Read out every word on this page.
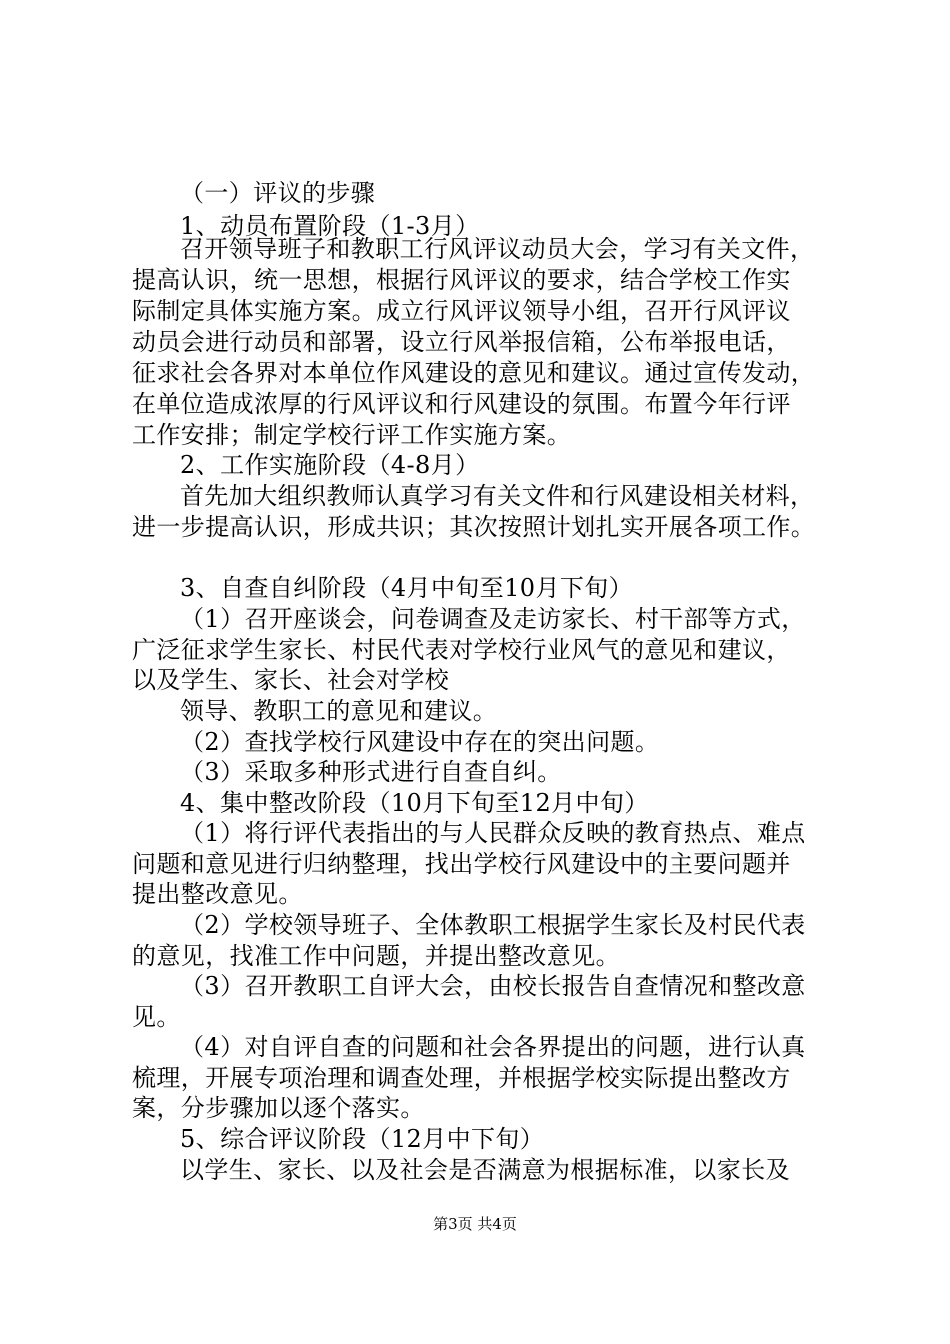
（一）评议的步骤
1、动员布置阶段（1-3月）
召开领导班子和教职工行风评议动员大会，学习有关文件，
提高认识，统一思想，根据行风评议的要求，结合学校工作实
际制定具体实施方案。成立行风评议领导小组，召开行风评议
动员会进行动员和部署，设立行风举报信箱，公布举报电话，
征求社会各界对本单位作风建设的意见和建议。通过宣传发动，
在单位造成浓厚的行风评议和行风建设的氛围。布置今年行评
工作安排；制定学校行评工作实施方案。
2、工作实施阶段（4-8月）
首先加大组织教师认真学习有关文件和行风建设相关材料，
进一步提高认识，形成共识；其次按照计划扎实开展各项工作。
3、自查自纠阶段（4月中旬至10月下旬）
（1）召开座谈会，问卷调查及走访家长、村干部等方式，
广泛征求学生家长、村民代表对学校行业风气的意见和建议，
以及学生、家长、社会对学校
领导、教职工的意见和建议。
（2）查找学校行风建设中存在的突出问题。
（3）采取多种形式进行自查自纠。
4、集中整改阶段（10月下旬至12月中旬）
（1）将行评代表指出的与人民群众反映的教育热点、难点
问题和意见进行归纳整理，找出学校行风建设中的主要问题并
提出整改意见。
（2）学校领导班子、全体教职工根据学生家长及村民代表
的意见，找准工作中问题，并提出整改意见。
（3）召开教职工自评大会，由校长报告自查情况和整改意
见。
（4）对自评自查的问题和社会各界提出的问题，进行认真
梳理，开展专项治理和调查处理，并根据学校实际提出整改方
案，分步骤加以逐个落实。
5、综合评议阶段（12月中下旬）
以学生、家长、以及社会是否满意为根据标准，以家长及
第3页 共4页
